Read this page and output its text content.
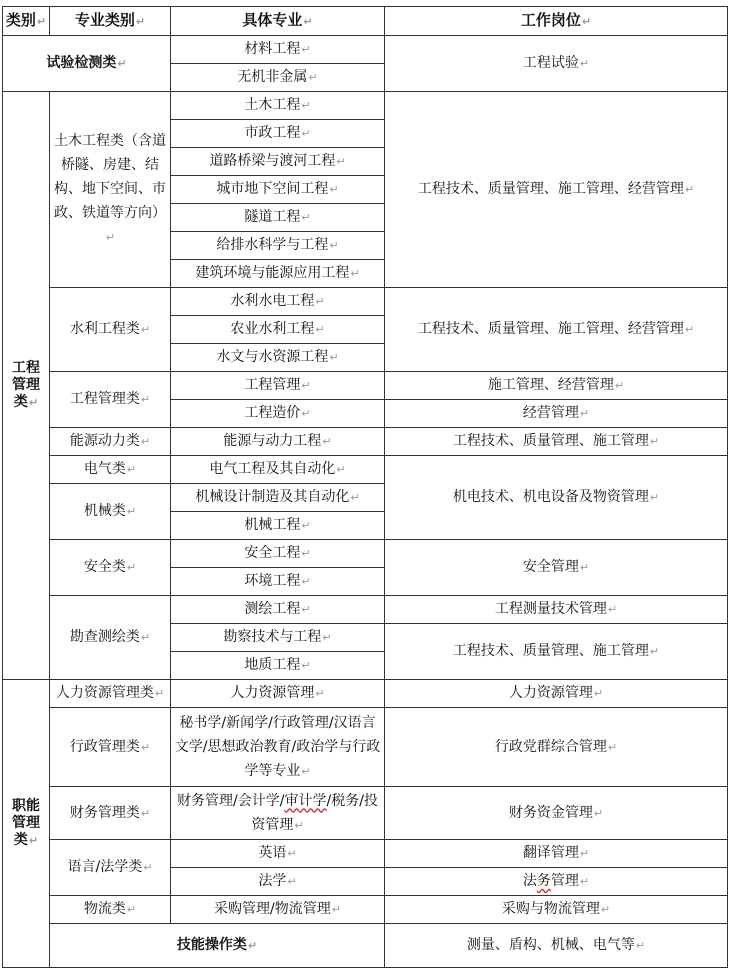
类别↵	专业类别↵	具体专业↵	工作岗位↵	
试验检测类↵		材料工程↵	工程试验↵	
		无机非金属↵		
工程管理类↵	土木工程类（含道桥隧、房建、结构、地下空间、市政、铁道等方向）↵	土木工程↵	工程技术、质量管理、施工管理、经营管理↵	
		市政工程↵		
		道路桥梁与渡河工程↵		
		城市地下空间工程↵		
		隧道工程↵		
		给排水科学与工程↵		
		建筑环境与能源应用工程↵		
	水利工程类↵	水利水电工程↵	工程技术、质量管理、施工管理、经营管理↵	
		农业水利工程↵		
		水文与水资源工程↵		
	工程管理类↵	工程管理↵	施工管理、经营管理↵	
		工程造价↵	经营管理↵	
	能源动力类↵	能源与动力工程↵	工程技术、质量管理、施工管理↵	
	电气类↵	电气工程及其自动化↵	机电技术、机电设备及物资管理↵	
	机械类↵	机械设计制造及其自动化↵		
		机械工程↵		
	安全类↵	安全工程↵	安全管理↵	
		环境工程↵		
	勘查测绘类↵	测绘工程↵	工程测量技术管理↵	
		勘察技术与工程↵	工程技术、质量管理、施工管理↵	
		地质工程↵		
职能管理类↵	人力资源管理类↵	人力资源管理↵	人力资源管理↵	
	行政管理类↵	秘书学/新闻学/行政管理/汉语言文学/思想政治教育/政治学与行政学等专业↵	行政党群综合管理↵	
	财务管理类↵	财务管理/会计学/审计学/税务/投资管理↵	财务资金管理↵	
	语言/法学类↵	英语↵	翻译管理↵	
		法学↵	法务管理↵	
	物流类↵	采购管理/物流管理↵	采购与物流管理↵	
	技能操作类↵		测量、盾构、机械、电气等↵	
